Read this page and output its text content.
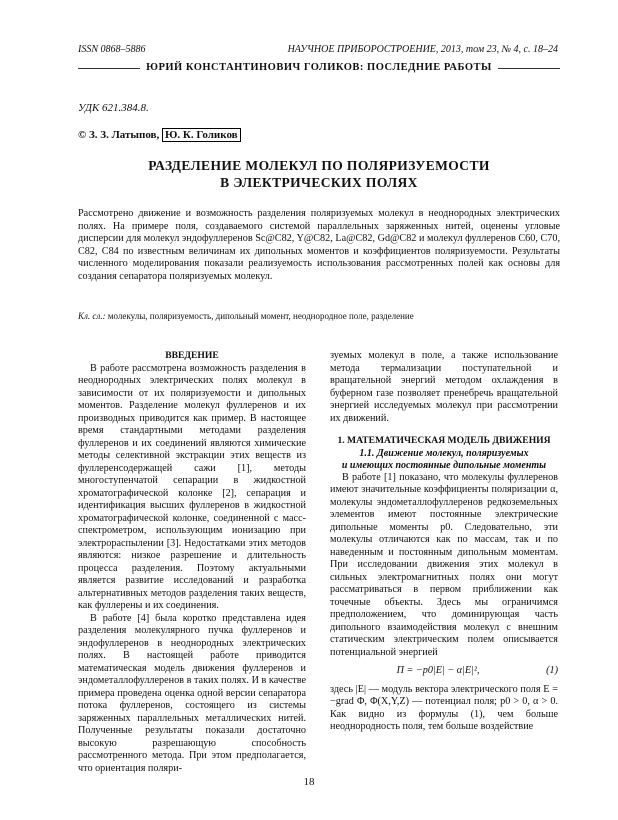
ISSN 0868–5886	НАУЧНОЕ ПРИБОРОСТРОЕНИЕ, 2013, том 23, № 4, с. 18–24
ЮРИЙ КОНСТАНТИНОВИЧ ГОЛИКОВ: ПОСЛЕДНИЕ РАБОТЫ
УДК 621.384.8.
© З. З. Латыпов, Ю. К. Голиков
РАЗДЕЛЕНИЕ МОЛЕКУЛ ПО ПОЛЯРИЗУЕМОСТИ
В ЭЛЕКТРИЧЕСКИХ ПОЛЯХ
Рассмотрено движение и возможность разделения поляризуемых молекул в неоднородных электрических полях. На примере поля, создаваемого системой параллельных заряженных нитей, оценены угловые дисперсии для молекул эндофуллеренов Sc@C82, Y@C82, La@C82, Gd@C82 и молекул фуллеренов C60, C70, C82, C84 по известным величинам их дипольных моментов и коэффициентов поляризуемости. Результаты численного моделирования показали реализуемость использования рассмотренных полей как основы для создания сепаратора поляризуемых молекул.
Кл. сл.: молекулы, поляризуемость, дипольный момент, неоднородное поле, разделение

ВВЕДЕНИЕ

В работе рассмотрена возможность разделения в неоднородных электрических полях молекул в зависимости от их поляризуемости и дипольных моментов. Разделение молекул фуллеренов и их производных приводится как пример. В настоящее время стандартными методами разделения фуллеренов и их соединений являются химические методы селективной экстракции этих веществ из фуллеренсодержащей сажи [1], методы многоступенчатой сепарации в жидкостной хроматографической колонке [2], сепарация и идентификация высших фуллеренов в жидкостной хроматографической колонке, соединенной с масс-спектрометром, использующим ионизацию при электрораспылении [3]. Недостатками этих методов являются: низкое разрешение и длительность процесса разделения. Поэтому актуальными является развитие исследований и разработка альтернативных методов разделения таких веществ, как фуллерены и их соединения.

В работе [4] была коротко представлена идея разделения молекулярного пучка фуллеренов и эндофуллеренов в неоднородных электрических полях. В настоящей работе приводится математическая модель движения фуллеренов и эндометаллофуллеренов в таких полях. И в качестве примера проведена оценка одной версии сепаратора потока фуллеренов, состоящего из системы заряженных параллельных металлических нитей. Полученные результаты показали достаточно высокую разрешающую способность рассмотренного метода. При этом предполагается, что ориентация поляри-

зуемых молекул в поле, а также использование метода термализации поступательной и вращательной энергий методом охлаждения в буферном газе позволяет пренебречь вращательной энергией исследуемых молекул при рассмотрении их движений.

1. МАТЕМАТИЧЕСКАЯ МОДЕЛЬ ДВИЖЕНИЯ

1.1. Движение молекул, поляризуемых
и имеющих постоянные дипольные моменты

В работе [1] показано, что молекулы фуллеренов имеют значительные коэффициенты поляризации α, молекулы эндометаллофуллеренов редкоземельных элементов имеют постоянные электрические дипольные моменты p0. Следовательно, эти молекулы отличаются как по массам, так и по наведенным и постоянным дипольным моментам. При исследовании движения этих молекул в сильных электромагнитных полях они могут рассматриваться в первом приближении как точечные объекты. Здесь мы ограничимся предположением, что доминирующая часть дипольного взаимодействия молекул с внешним статическим электрическим полем описывается потенциальной энергией

Π = −p0|E| − α|E|²,	(1)

здесь |E| — модуль вектора электрического поля E = −grad Φ, Φ(X,Y,Z) — потенциал поля; p0 > 0, α > 0. Как видно из формулы (1), чем больше неоднородность поля, тем больше воздействие

18
